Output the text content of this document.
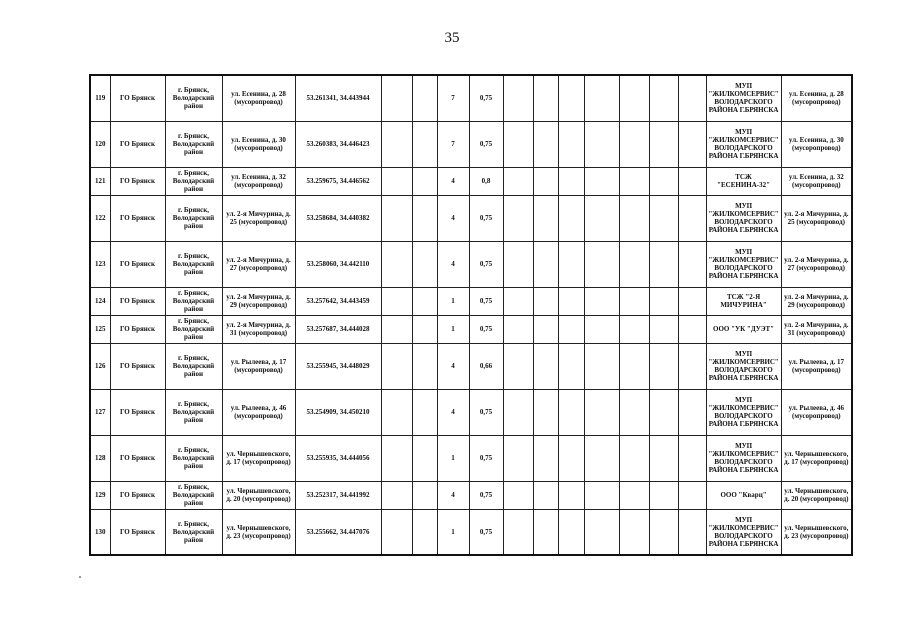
35
119	ГО Брянск	г. Брянск, Володарский район	ул. Есенина, д. 28 (мусоропровод)	53.261341, 34.443944			7	0,75								МУП "ЖИЛКОМСЕРВИС" ВОЛОДАРСКОГО РАЙОНА Г.БРЯНСКА	ул. Есенина, д. 28 (мусоропровод)
120	ГО Брянск	г. Брянск, Володарский район	ул. Есенина, д. 30 (мусоропровод)	53.260383, 34.446423			7	0,75								МУП "ЖИЛКОМСЕРВИС" ВОЛОДАРСКОГО РАЙОНА Г.БРЯНСКА	ул. Есенина, д. 30 (мусоропровод)
121	ГО Брянск	г. Брянск, Володарский район	ул. Есенина, д. 32 (мусоропровод)	53.259675, 34.446562			4	0,8								ТСЖ "ЕСЕНИНА-32"	ул. Есенина, д. 32 (мусоропровод)
122	ГО Брянск	г. Брянск, Володарский район	ул. 2-я Мичурина, д. 25 (мусоропровод)	53.258684, 34.440382			4	0,75								МУП "ЖИЛКОМСЕРВИС" ВОЛОДАРСКОГО РАЙОНА Г.БРЯНСКА	ул. 2-я Мичурина, д. 25 (мусоропровод)
123	ГО Брянск	г. Брянск, Володарский район	ул. 2-я Мичурина, д. 27 (мусоропровод)	53.258060, 34.442110			4	0,75								МУП "ЖИЛКОМСЕРВИС" ВОЛОДАРСКОГО РАЙОНА Г.БРЯНСКА	ул. 2-я Мичурина, д. 27 (мусоропровод)
124	ГО Брянск	г. Брянск, Володарский район	ул. 2-я Мичурина, д. 29 (мусоропровод)	53.257642, 34.443459			1	0,75								ТСЖ "2-Я МИЧУРИНА"	ул. 2-я Мичурина, д. 29 (мусоропровод)
125	ГО Брянск	г. Брянск, Володарский район	ул. 2-я Мичурина, д. 31 (мусоропровод)	53.257687, 34.444028			1	0,75								ООО "УК "ДУЭТ"	ул. 2-я Мичурина, д. 31 (мусоропровод)
126	ГО Брянск	г. Брянск, Володарский район	ул. Рылеева, д. 17 (мусоропровод)	53.255945, 34.448029			4	0,66								МУП "ЖИЛКОМСЕРВИС" ВОЛОДАРСКОГО РАЙОНА Г.БРЯНСКА	ул. Рылеева, д. 17 (мусоропровод)
127	ГО Брянск	г. Брянск, Володарский район	ул. Рылеева, д. 46 (мусоропровод)	53.254909, 34.450210			4	0,75								МУП "ЖИЛКОМСЕРВИС" ВОЛОДАРСКОГО РАЙОНА Г.БРЯНСКА	ул. Рылеева, д. 46 (мусоропровод)
128	ГО Брянск	г. Брянск, Володарский район	ул. Чернышевского, д. 17 (мусоропровод)	53.255935, 34.444056			1	0,75								МУП "ЖИЛКОМСЕРВИС" ВОЛОДАРСКОГО РАЙОНА Г.БРЯНСКА	ул. Чернышевского, д. 17 (мусоропровод)
129	ГО Брянск	г. Брянск, Володарский район	ул. Чернышевского, д. 20 (мусоропровод)	53.252317, 34.441992			4	0,75								ООО "Кварц"	ул. Чернышевского, д. 20 (мусоропровод)
130	ГО Брянск	г. Брянск, Володарский район	ул. Чернышевского, д. 23 (мусоропровод)	53.255662, 34.447076			1	0,75								МУП "ЖИЛКОМСЕРВИС" ВОЛОДАРСКОГО РАЙОНА Г.БРЯНСКА	ул. Чернышевского, д. 23 (мусоропровод)
